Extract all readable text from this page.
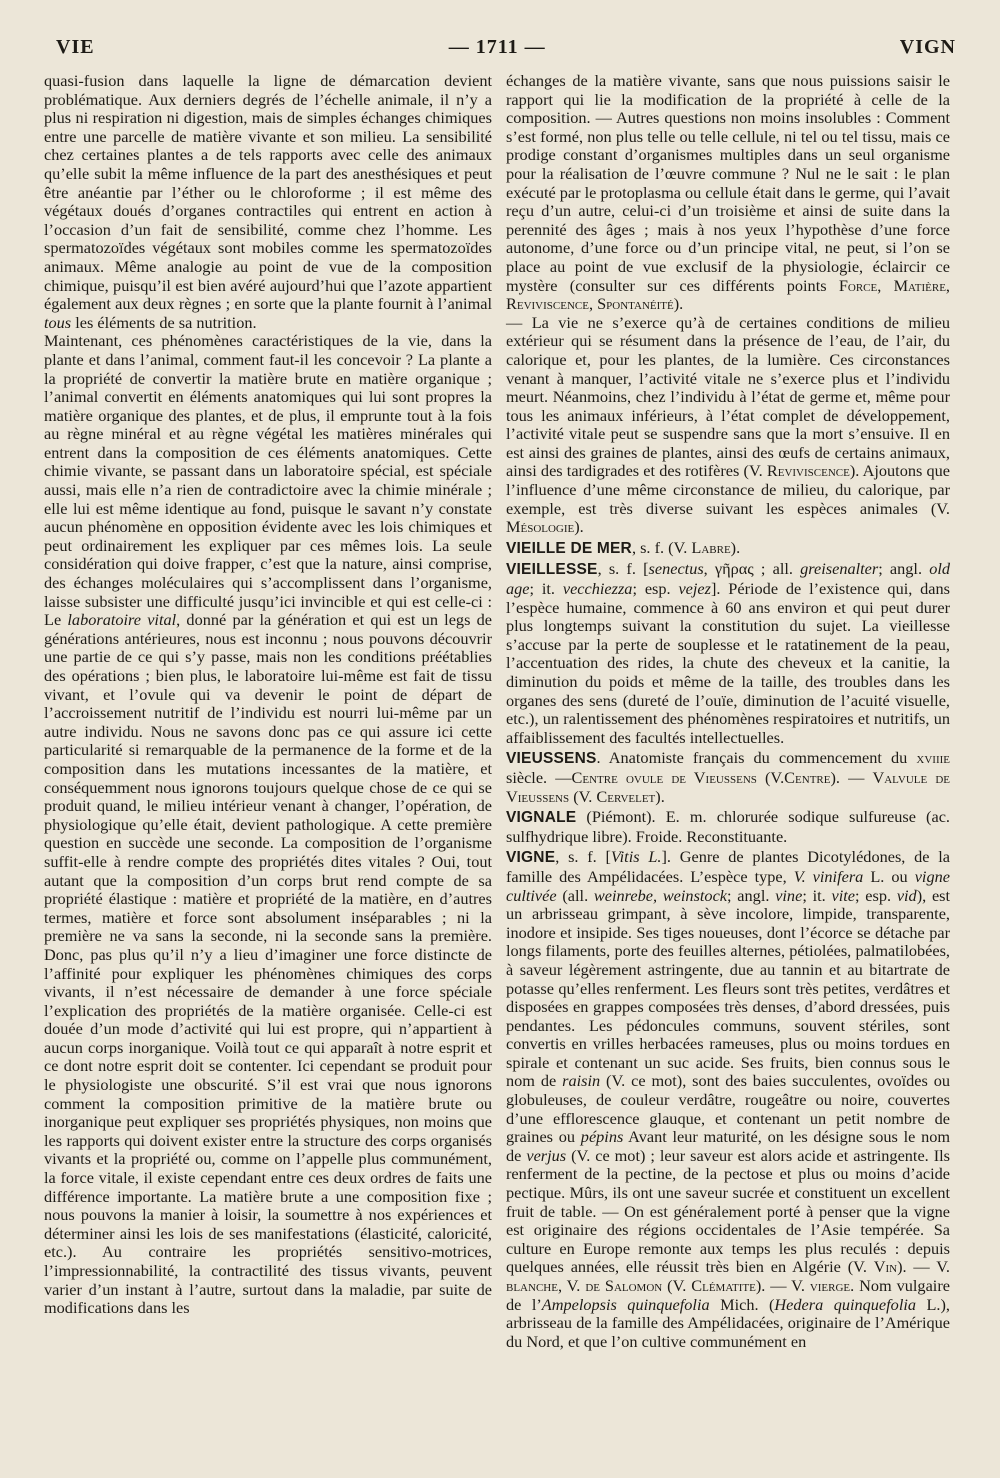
VIE	— 1711 —	VIGN

quasi-fusion dans laquelle la ligne de démarcation devient problématique. Aux derniers degrés de l’échelle animale, il n’y a plus ni respiration ni digestion, mais de simples échanges chimiques entre une parcelle de matière vivante et son milieu. La sensibilité chez certaines plantes a de tels rapports avec celle des animaux qu’elle subit la même influence de la part des anesthésiques et peut être anéantie par l’éther ou le chloroforme ; il est même des végétaux doués d’organes contractiles qui entrent en action à l’occasion d’un fait de sensibilité, comme chez l’homme. Les spermatozoïdes végétaux sont mobiles comme les spermatozoïdes animaux. Même analogie au point de vue de la composition chimique, puisqu’il est bien avéré aujourd’hui que l’azote appartient également aux deux règnes ; en sorte que la plante fournit à l’animal tous les éléments de sa nutrition.

Maintenant, ces phénomènes caractéristiques de la vie, dans la plante et dans l’animal, comment faut-il les concevoir ? La plante a la propriété de convertir la matière brute en matière organique ; l’animal convertit en éléments anatomiques qui lui sont propres la matière organique des plantes, et de plus, il emprunte tout à la fois au règne minéral et au règne végétal les matières minérales qui entrent dans la composition de ces éléments anatomiques. Cette chimie vivante, se passant dans un laboratoire spécial, est spéciale aussi, mais elle n’a rien de contradictoire avec la chimie minérale ; elle lui est même identique au fond, puisque le savant n’y constate aucun phénomène en opposition évidente avec les lois chimiques et peut ordinairement les expliquer par ces mêmes lois. La seule considération qui doive frapper, c’est que la nature, ainsi comprise, des échanges moléculaires qui s’accomplissent dans l’organisme, laisse subsister une difficulté jusqu’ici invincible et qui est celle-ci : Le laboratoire vital, donné par la génération et qui est un legs de générations antérieures, nous est inconnu ; nous pouvons découvrir une partie de ce qui s’y passe, mais non les conditions préétablies des opérations ; bien plus, le laboratoire lui-même est fait de tissu vivant, et l’ovule qui va devenir le point de départ de l’accroissement nutritif de l’individu est nourri lui-même par un autre individu. Nous ne savons donc pas ce qui assure ici cette particularité si remarquable de la permanence de la forme et de la composition dans les mutations incessantes de la matière, et conséquemment nous ignorons toujours quelque chose de ce qui se produit quand, le milieu intérieur venant à changer, l’opération, de physiologique qu’elle était, devient pathologique. A cette première question en succède une seconde. La composition de l’organisme suffit-elle à rendre compte des propriétés dites vitales ? Oui, tout autant que la composition d’un corps brut rend compte de sa propriété élastique : matière et propriété de la matière, en d’autres termes, matière et force sont absolument inséparables ; ni la première ne va sans la seconde, ni la seconde sans la première. Donc, pas plus qu’il n’y a lieu d’imaginer une force distincte de l’affinité pour expliquer les phénomènes chimiques des corps vivants, il n’est nécessaire de demander à une force spéciale l’explication des propriétés de la matière organisée. Celle-ci est douée d’un mode d’activité qui lui est propre, qui n’appartient à aucun corps inorganique. Voilà tout ce qui apparaît à notre esprit et ce dont notre esprit doit se contenter. Ici cependant se produit pour le physiologiste une obscurité. S’il est vrai que nous ignorons comment la composition primitive de la matière brute ou inorganique peut expliquer ses propriétés physiques, non moins que les rapports qui doivent exister entre la structure des corps organisés vivants et la propriété ou, comme on l’appelle plus communément, la force vitale, il existe cependant entre ces deux ordres de faits une différence importante. La matière brute a une composition fixe ; nous pouvons la manier à loisir, la soumettre à nos expériences et déterminer ainsi les lois de ses manifestations (élasticité, caloricité, etc.). Au contraire les propriétés sensitivo-motrices, l’impressionnabilité, la contractilité des tissus vivants, peuvent varier d’un instant à l’autre, surtout dans la maladie, par suite de modifications dans les

échanges de la matière vivante, sans que nous puissions saisir le rapport qui lie la modification de la propriété à celle de la composition. — Autres questions non moins insolubles : Comment s’est formé, non plus telle ou telle cellule, ni tel ou tel tissu, mais ce prodige constant d’organismes multiples dans un seul organisme pour la réalisation de l’œuvre commune ? Nul ne le sait : le plan exécuté par le protoplasma ou cellule était dans le germe, qui l’avait reçu d’un autre, celui-ci d’un troisième et ainsi de suite dans la perennité des âges ; mais à nos yeux l’hypothèse d’une force autonome, d’une force ou d’un principe vital, ne peut, si l’on se place au point de vue exclusif de la physiologie, éclaircir ce mystère (consulter sur ces différents points Force, Matière, Reviviscence, Spontanéité).

— La vie ne s’exerce qu’à de certaines conditions de milieu extérieur qui se résument dans la présence de l’eau, de l’air, du calorique et, pour les plantes, de la lumière. Ces circonstances venant à manquer, l’activité vitale ne s’exerce plus et l’individu meurt. Néanmoins, chez l’individu à l’état de germe et, même pour tous les animaux inférieurs, à l’état complet de développement, l’activité vitale peut se suspendre sans que la mort s’ensuive. Il en est ainsi des graines de plantes, ainsi des œufs de certains animaux, ainsi des tardigrades et des rotifères (V. Reviviscence). Ajoutons que l’influence d’une même circonstance de milieu, du calorique, par exemple, est très diverse suivant les espèces animales (V. Mésologie).

VIEILLE DE MER, s. f. (V. Labre).

VIEILLESSE, s. f. [senectus, γῆρας ; all. greisenalter; angl. old age; it. vecchiezza; esp. vejez]. Période de l’existence qui, dans l’espèce humaine, commence à 60 ans environ et qui peut durer plus longtemps suivant la constitution du sujet. La vieillesse s’accuse par la perte de souplesse et le ratatinement de la peau, l’accentuation des rides, la chute des cheveux et la canitie, la diminution du poids et même de la taille, des troubles dans les organes des sens (dureté de l’ouïe, diminution de l’acuité visuelle, etc.), un ralentissement des phénomènes respiratoires et nutritifs, un affaiblissement des facultés intellectuelles.

VIEUSSENS. Anatomiste français du commencement du xviiie siècle. —Centre ovule de Vieussens (V.Centre). — Valvule de Vieussens (V. Cervelet).

VIGNALE (Piémont). E. m. chlorurée sodique sulfureuse (ac. sulfhydrique libre). Froide. Reconstituante.

VIGNE, s. f. [Vitis L.]. Genre de plantes Dicotylédones, de la famille des Ampélidacées. L’espèce type, V. vinifera L. ou vigne cultivée (all. weinrebe, weinstock; angl. vine; it. vite; esp. vid), est un arbrisseau grimpant, à sève incolore, limpide, transparente, inodore et insipide. Ses tiges noueuses, dont l’écorce se détache par longs filaments, porte des feuilles alternes, pétiolées, palmatilobées, à saveur légèrement astringente, due au tannin et au bitartrate de potasse qu’elles renferment. Les fleurs sont très petites, verdâtres et disposées en grappes composées très denses, d’abord dressées, puis pendantes. Les pédoncules communs, souvent stériles, sont convertis en vrilles herbacées rameuses, plus ou moins tordues en spirale et contenant un suc acide. Ses fruits, bien connus sous le nom de raisin (V. ce mot), sont des baies succulentes, ovoïdes ou globuleuses, de couleur verdâtre, rougeâtre ou noire, couvertes d’une efflorescence glauque, et contenant un petit nombre de graines ou pépins Avant leur maturité, on les désigne sous le nom de verjus (V. ce mot) ; leur saveur est alors acide et astringente. Ils renferment de la pectine, de la pectose et plus ou moins d’acide pectique. Mûrs, ils ont une saveur sucrée et constituent un excellent fruit de table. — On est généralement porté à penser que la vigne est originaire des régions occidentales de l’Asie tempérée. Sa culture en Europe remonte aux temps les plus reculés : depuis quelques années, elle réussit très bien en Algérie (V. Vin). — V. blanche, V. de Salomon (V. Clématite). — V. vierge. Nom vulgaire de l’Ampelopsis quinquefolia Mich. (Hedera quinquefolia L.), arbrisseau de la famille des Ampélidacées, originaire de l’Amérique du Nord, et que l’on cultive communément en
